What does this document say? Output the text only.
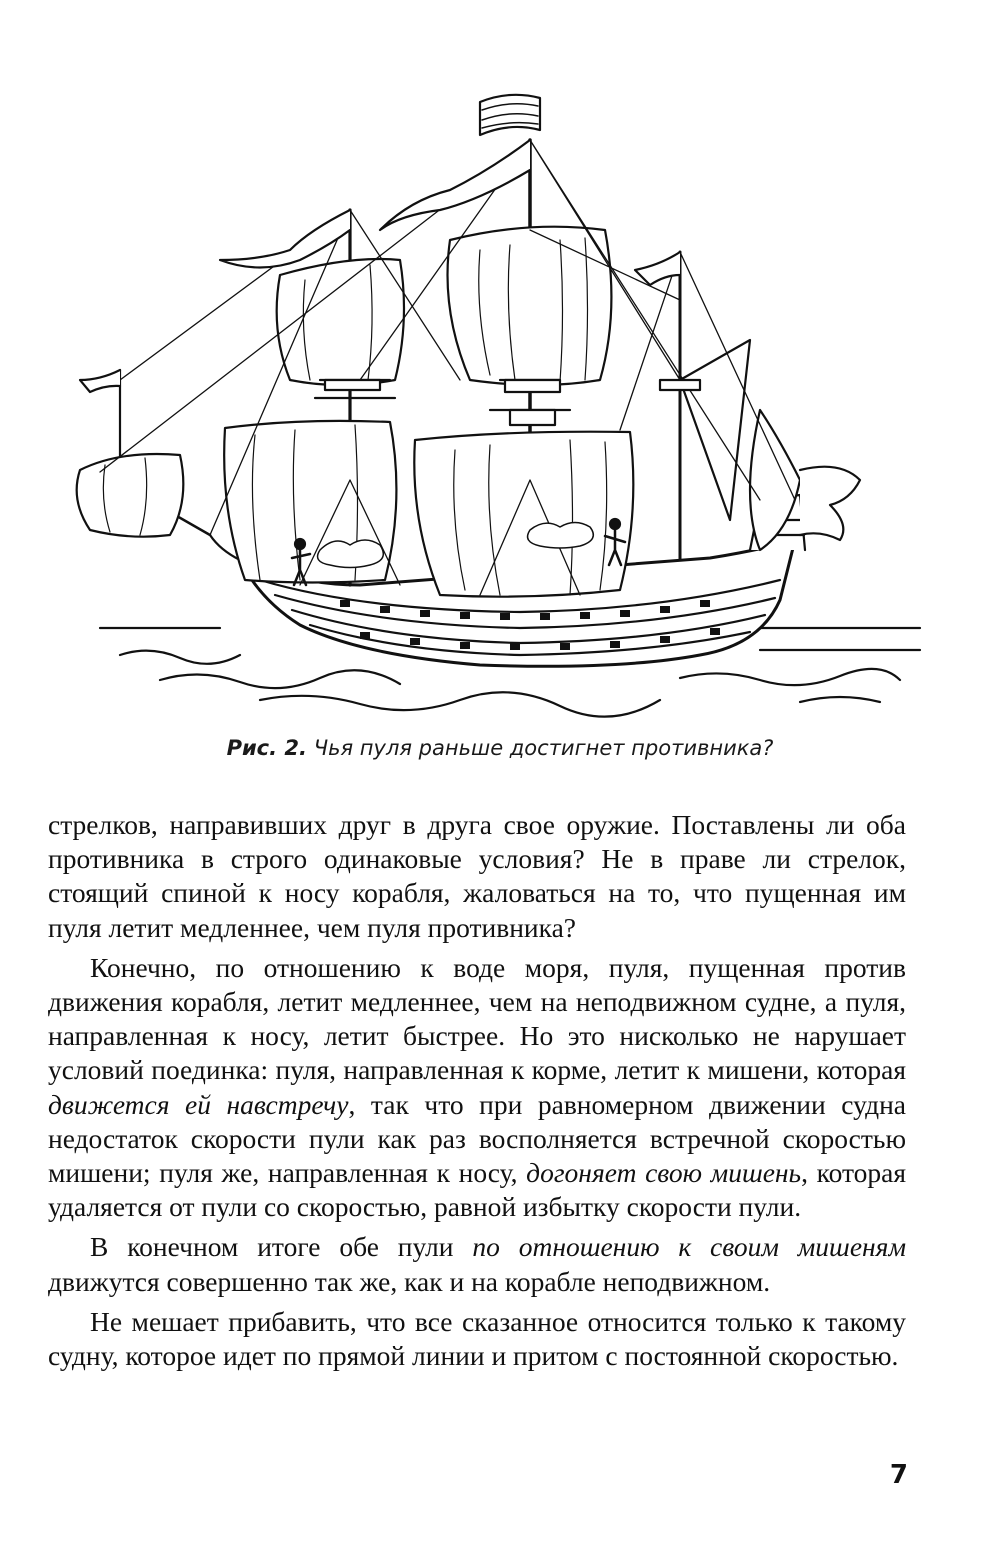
Рис. 2. Чья пуля раньше достигнет противника?

стрелков, направивших друг в друга свое оружие. Поставлены ли оба противника в строго одинаковые условия? Не в праве ли стрелок, стоящий спиной к носу корабля, жаловаться на то, что пущенная им пуля летит медленнее, чем пуля противника?

Конечно, по отношению к воде моря, пуля, пущенная против движения корабля, летит медленнее, чем на неподвижном судне, а пуля, направленная к носу, летит быстрее. Но это нисколько не нарушает условий поединка: пуля, направленная к корме, летит к мишени, которая движется ей навстречу, так что при равномерном движении судна недостаток скорости пули как раз восполняется встречной скоростью мишени; пуля же, направленная к носу, догоняет свою мишень, которая удаляется от пули со скоростью, равной избытку скорости пули.

В конечном итоге обе пули по отношению к своим мишеням движутся совершенно так же, как и на корабле неподвижном.

Не мешает прибавить, что все сказанное относится только к такому судну, которое идет по прямой линии и притом с постоянной скоростью.

7
